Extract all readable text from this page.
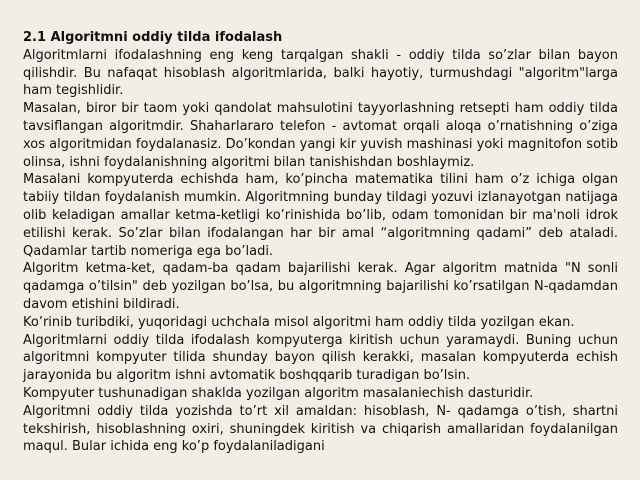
2.1 Algoritmni oddiy tilda ifodalash

Algoritmlarni ifodalashning eng keng tarqalgan shakli - oddiy tilda so’zlar bilan bayon qilishdir. Bu nafaqat hisoblash algoritmlarida, balki hayotiy, turmushdagi "algoritm"larga ham tegishlidir.

Masalan, biror bir taom yoki qandolat mahsulotini tayyorlashning retsepti ham oddiy tilda tavsiflangan algoritmdir. Shaharlararo telefon - avtomat orqali aloqa o’rnatishning o’ziga xos algoritmidan foydalanasiz. Do’kondan yangi kir yuvish mashinasi yoki magnitofon sotib olinsa, ishni foydalanishning algoritmi bilan tanishishdan boshlaymiz.

Masalani kompyuterda echishda ham, ko’pincha matematika tilini ham o’z ichiga olgan tabiiy tildan foydalanish mumkin. Algoritmning bunday tildagi yozuvi izlanayotgan natijaga olib keladigan amallar ketma-ketligi ko’rinishida bo’lib, odam tomonidan bir ma'noli idrok etilishi kerak. So’zlar bilan ifodalangan har bir amal “algoritmning qadami” deb ataladi. Qadamlar tartib nomeriga ega bo’ladi.

Algoritm ketma-ket, qadam-ba qadam bajarilishi kerak. Agar algoritm matnida "N sonli qadamga o’tilsin" deb yozilgan bo’lsa, bu algoritmning bajarilishi ko’rsatilgan N-qadamdan davom etishini bildiradi.

Ko’rinib turibdiki, yuqoridagi uchchala misol algoritmi ham oddiy tilda yozilgan ekan.

Algoritmlarni oddiy tilda ifodalash kompyuterga kiritish uchun yaramaydi. Buning uchun algoritmni kompyuter tilida shunday bayon qilish kerakki, masalan kompyuterda echish jarayonida bu algoritm ishni avtomatik boshqqarib turadigan bo’lsin.

Kompyuter tushunadigan shaklda yozilgan algoritm masalaniechish dasturidir.

Algoritmni oddiy tilda yozishda to’rt xil amaldan: hisoblash, N- qadamga o’tish, shartni tekshirish, hisoblashning oxiri, shuningdek kiritish va chiqarish amallaridan foydalanilgan maqul. Bular ichida eng ko’p foydalaniladigani
